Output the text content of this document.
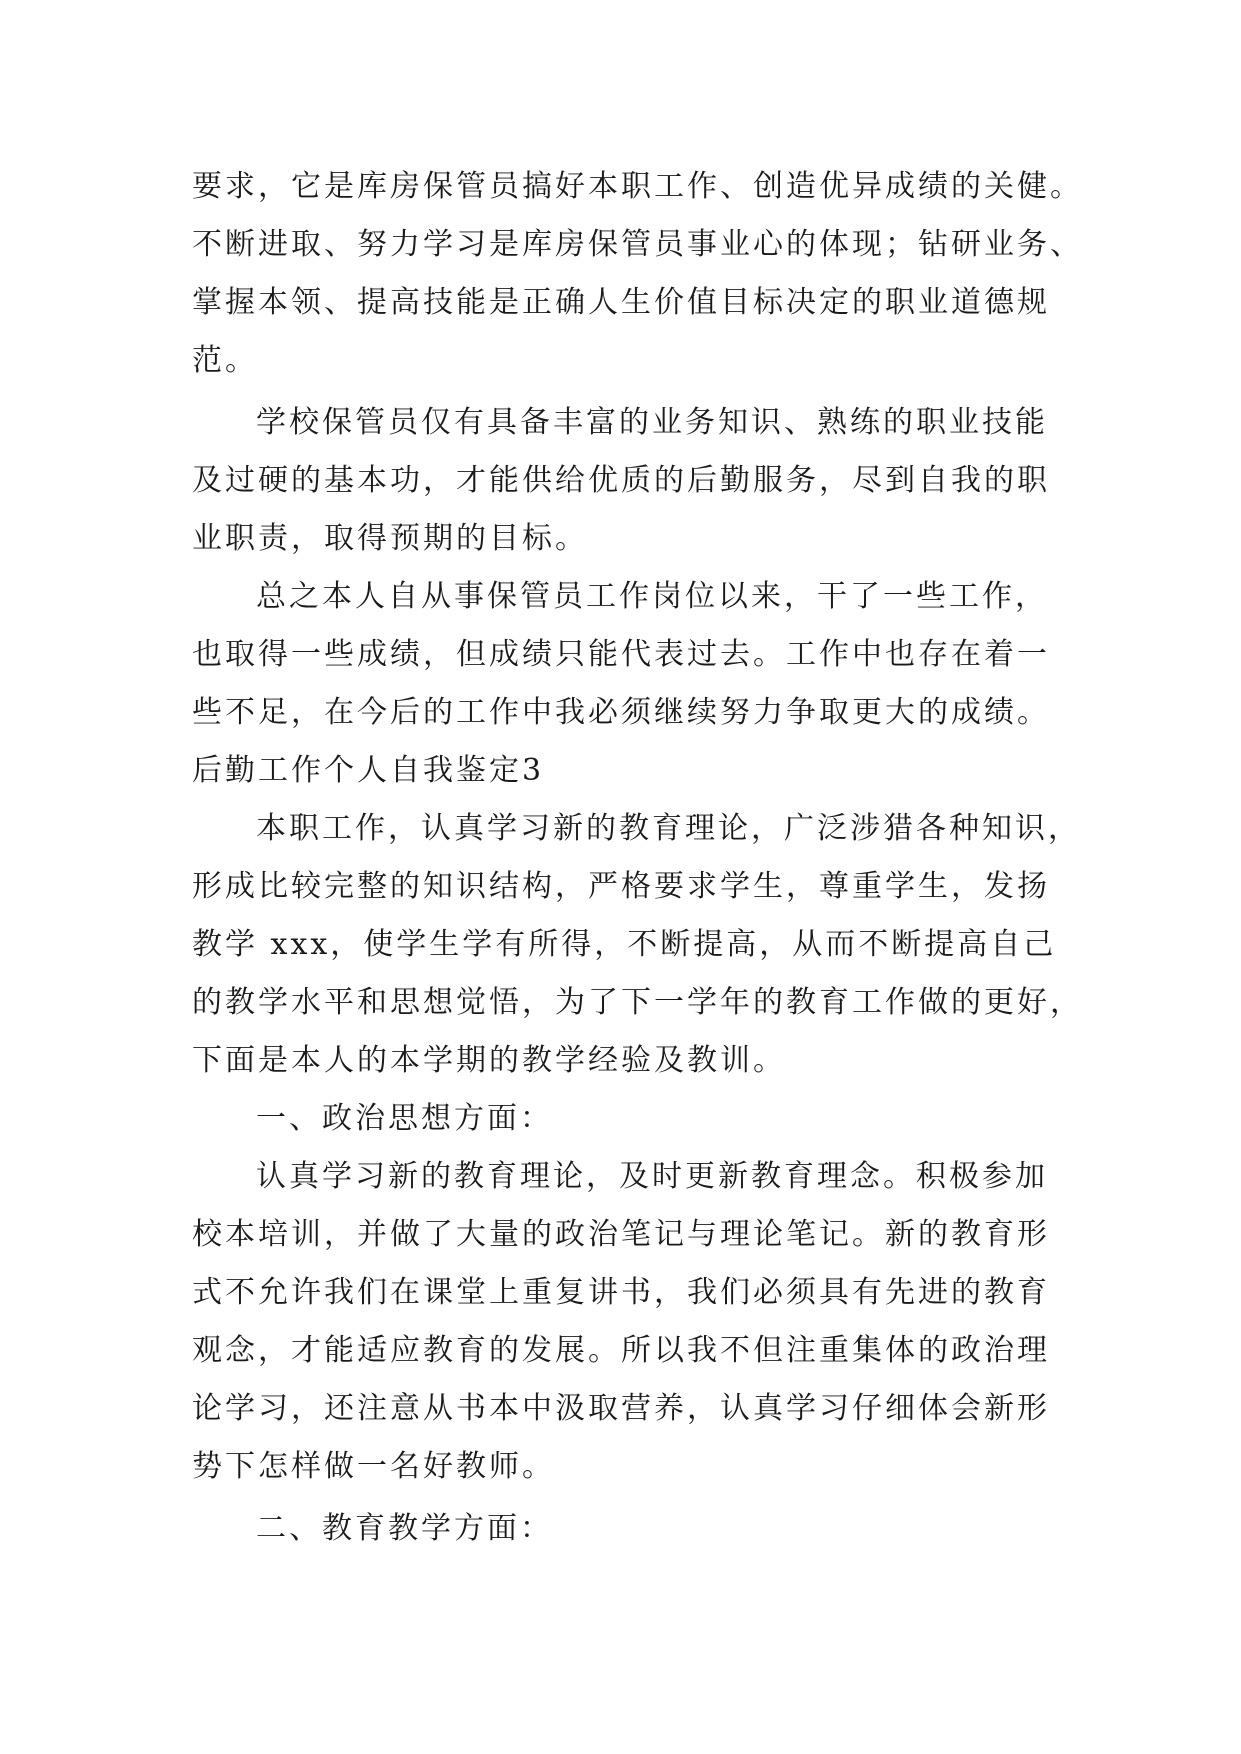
要求，它是库房保管员搞好本职工作、创造优异成绩的关健。
不断进取、努力学习是库房保管员事业心的体现；钻研业务、
掌握本领、提高技能是正确人生价值目标决定的职业道德规
范。
学校保管员仅有具备丰富的业务知识、熟练的职业技能
及过硬的基本功，才能供给优质的后勤服务，尽到自我的职
业职责，取得预期的目标。
总之本人自从事保管员工作岗位以来，干了一些工作，
也取得一些成绩，但成绩只能代表过去。工作中也存在着一
些不足，在今后的工作中我必须继续努力争取更大的成绩。
后勤工作个人自我鉴定3
本职工作，认真学习新的教育理论，广泛涉猎各种知识，
形成比较完整的知识结构，严格要求学生，尊重学生，发扬
教学 xxx，使学生学有所得，不断提高，从而不断提高自己
的教学水平和思想觉悟，为了下一学年的教育工作做的更好，
下面是本人的本学期的教学经验及教训。
一、政治思想方面：
认真学习新的教育理论，及时更新教育理念。积极参加
校本培训，并做了大量的政治笔记与理论笔记。新的教育形
式不允许我们在课堂上重复讲书，我们必须具有先进的教育
观念，才能适应教育的发展。所以我不但注重集体的政治理
论学习，还注意从书本中汲取营养，认真学习仔细体会新形
势下怎样做一名好教师。
二、教育教学方面：
